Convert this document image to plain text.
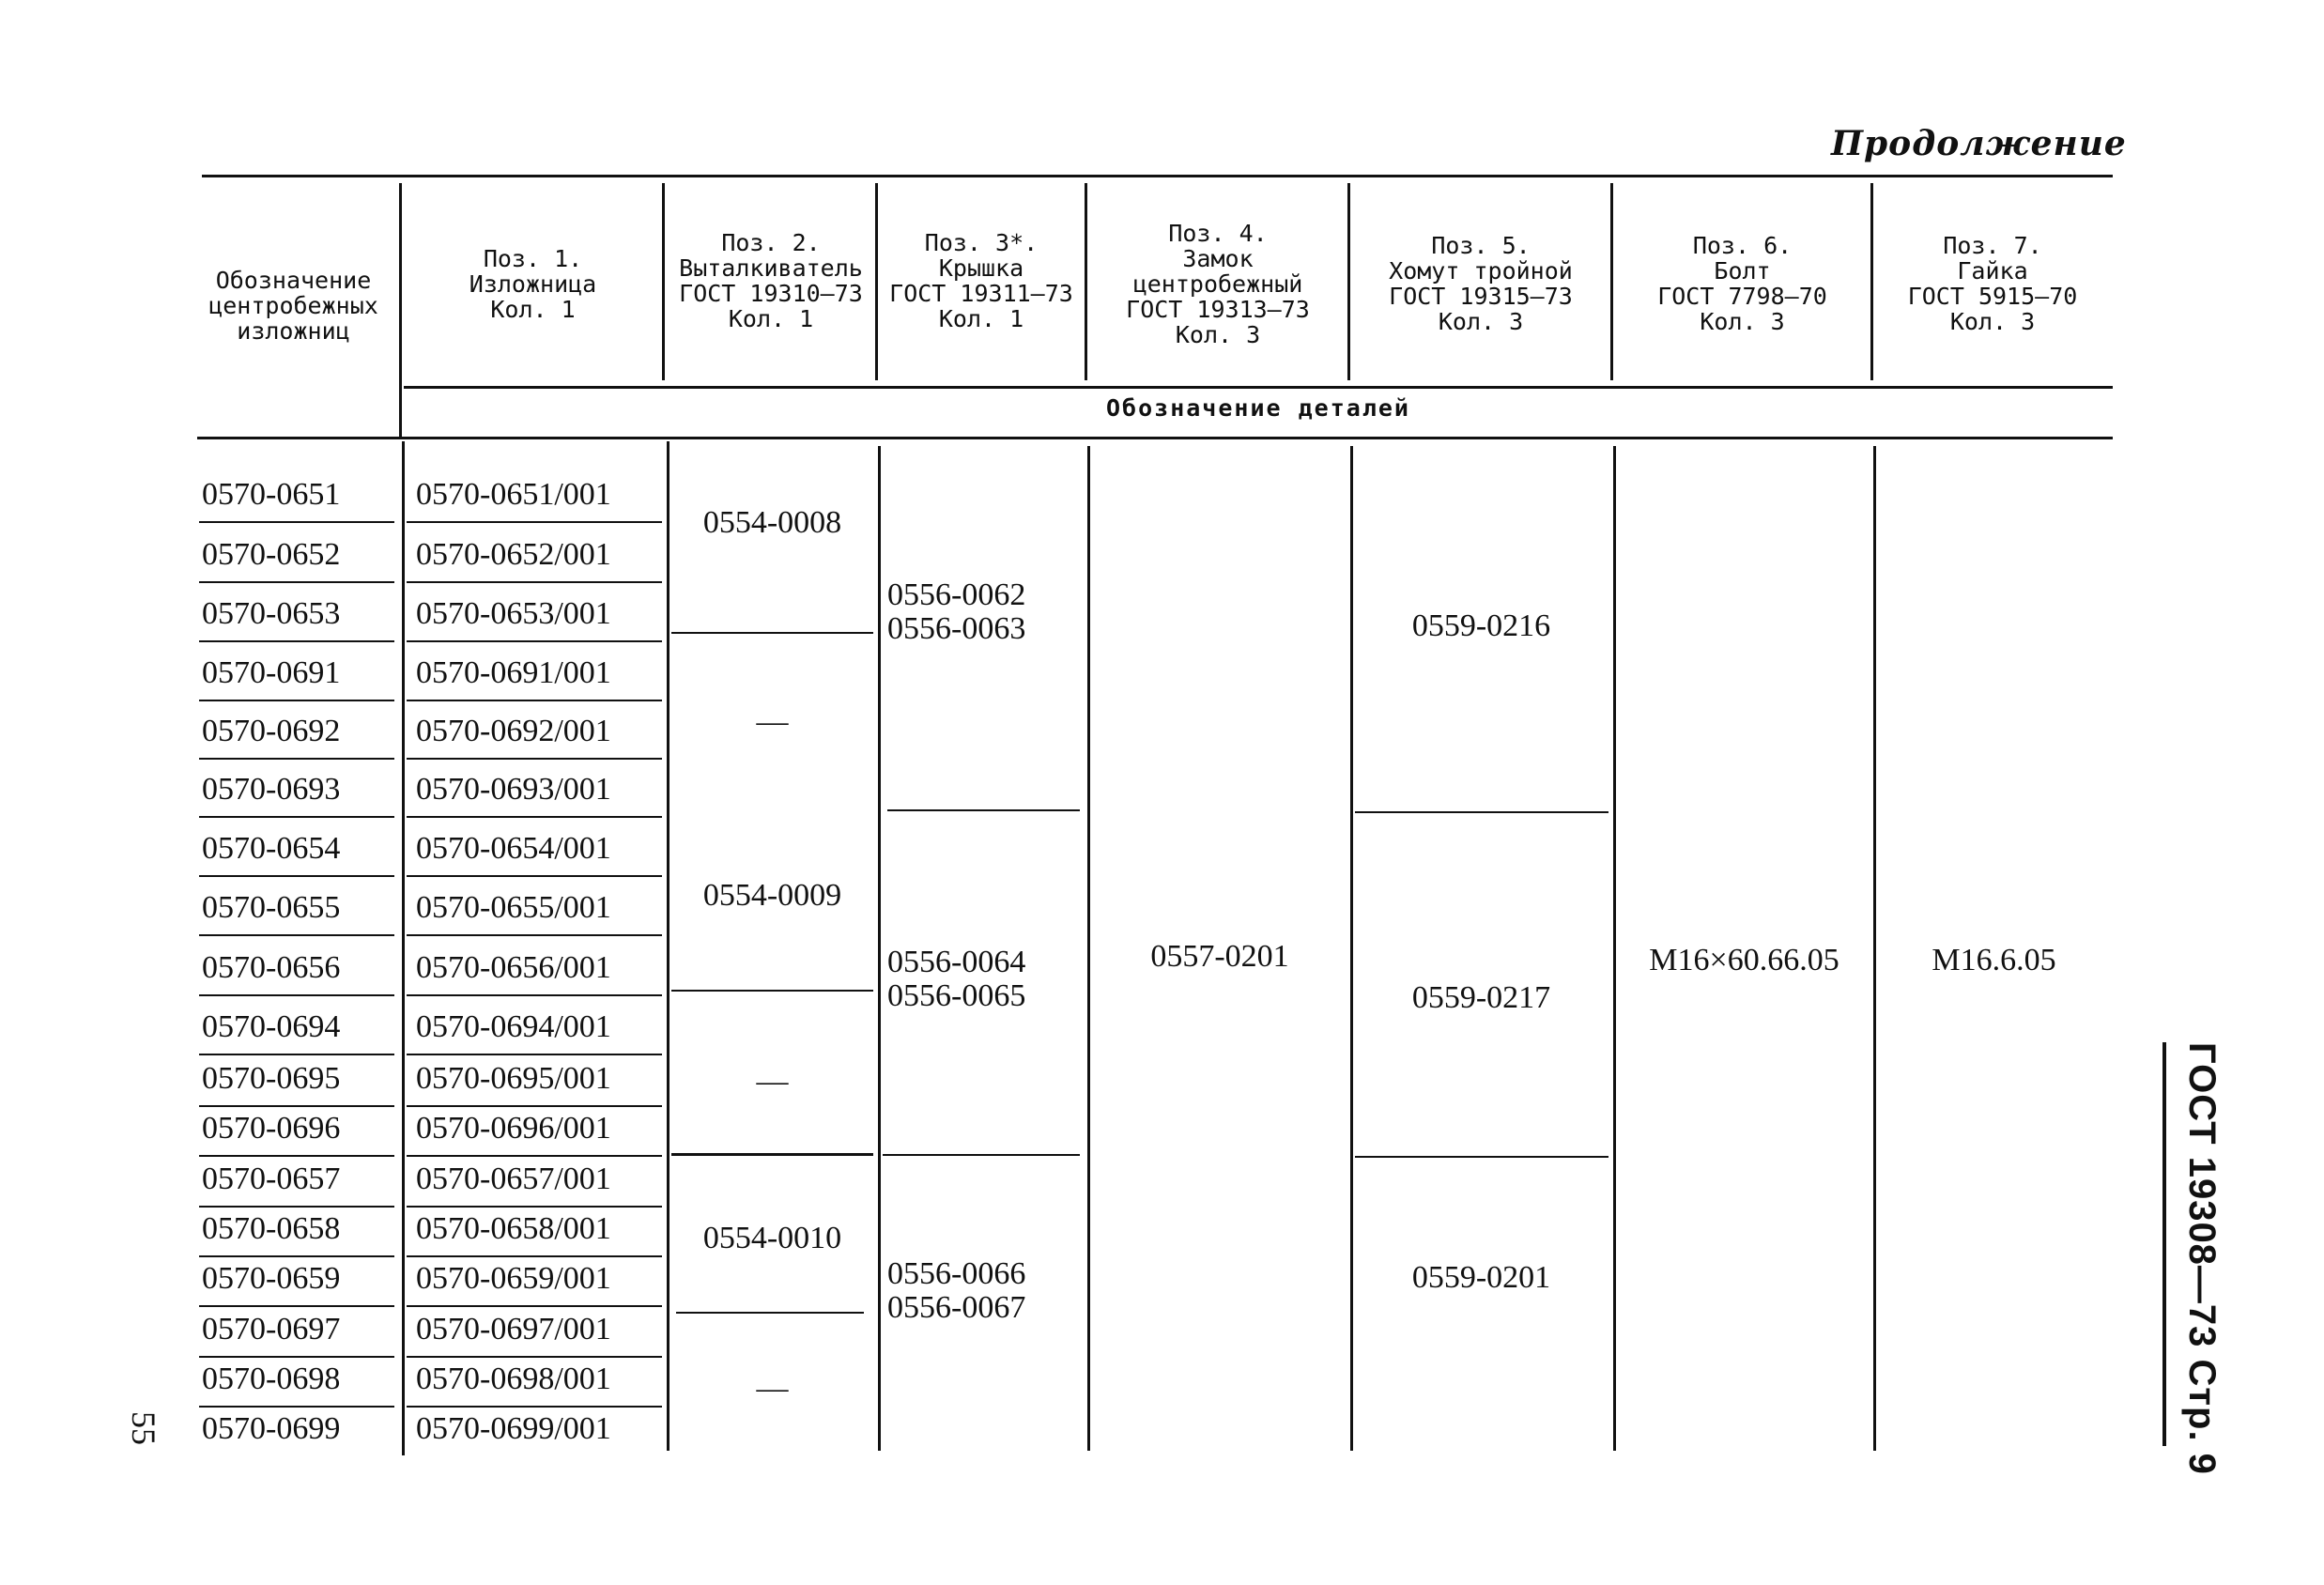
Продолжение
Обозначение
центробежных
изложниц
Поз. 1.
Изложница
Кол. 1
Поз. 2.
Выталкиватель
ГОСТ 19310—73
Кол. 1
Поз. 3*.
Крышка
ГОСТ 19311—73
Кол. 1
Поз. 4.
Замок
центробежный
ГОСТ 19313—73
Кол. 3
Поз. 5.
Хомут тройной
ГОСТ 19315—73
Кол. 3
Поз. 6.
Болт
ГОСТ 7798—70
Кол. 3
Поз. 7.
Гайка
ГОСТ 5915—70
Кол. 3
Обозначение деталей
0570-0651 0570-0651/001
0570-0652 0570-0652/001
0570-0653 0570-0653/001
0570-0691 0570-0691/001
0570-0692 0570-0692/001
0570-0693 0570-0693/001
0570-0654 0570-0654/001
0570-0655 0570-0655/001
0570-0656 0570-0656/001
0570-0694 0570-0694/001
0570-0695 0570-0695/001
0570-0696 0570-0696/001
0570-0657 0570-0657/001
0570-0658 0570-0658/001
0570-0659 0570-0659/001
0570-0697 0570-0697/001
0570-0698 0570-0698/001
0570-0699 0570-0699/001
0554-0008
—
0554-0009
—
0554-0010
—
0556-0062
0556-0063
0556-0064
0556-0065
0556-0066
0556-0067
0557-0201
0559-0216
0559-0217
0559-0201
M16×60.66.05	M16.6.05
55	ГОСТ 19308—73 Стр. 9
